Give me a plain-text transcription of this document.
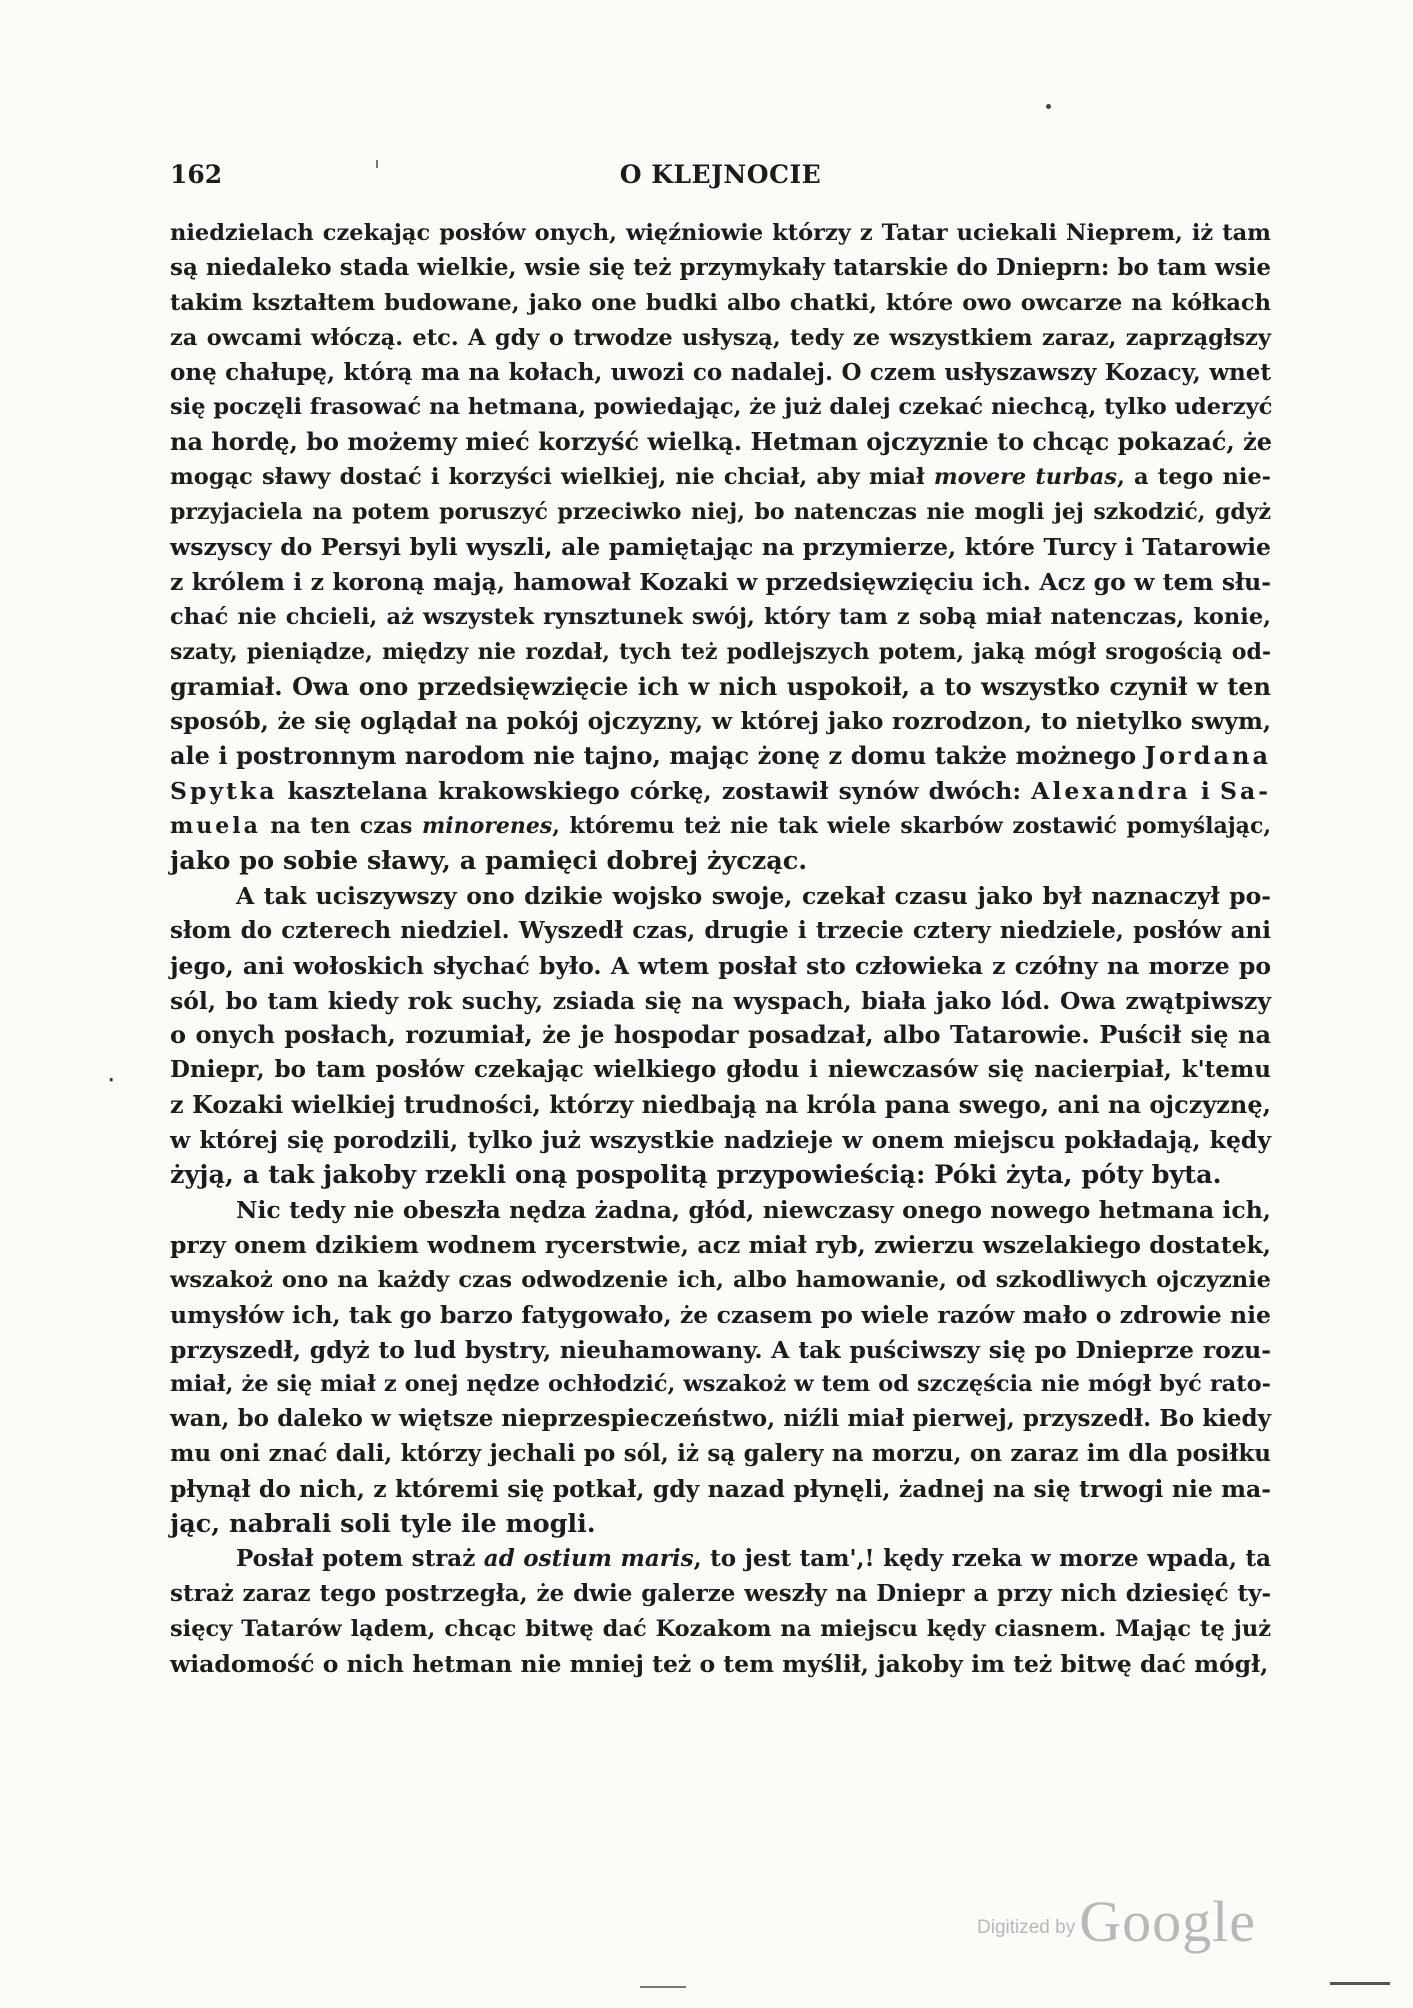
162	O KLEJNOCIE
‧
niedzielach czekając posłów onych, więźniowie którzy z Tatar uciekali Nieprem, iż tam
są niedaleko stada wielkie, wsie się też przymykały tatarskie do Dnieprn: bo tam wsie
takim kształtem budowane, jako one budki albo chatki, które owo owcarze na kółkach
za owcami włóczą. etc. A gdy o trwodze usłyszą, tedy ze wszystkiem zaraz, zaprzągłszy
onę chałupę, którą ma na kołach, uwozi co nadalej. O czem usłyszawszy Kozacy, wnet
się poczęli frasować na hetmana, powiedając, że już dalej czekać niechcą, tylko uderzyć
na hordę, bo możemy mieć korzyść wielką. Hetman ojczyznie to chcąc pokazać, że
mogąc sławy dostać i korzyści wielkiej, nie chciał, aby miał movere turbas, a tego nie-
przyjaciela na potem poruszyć przeciwko niej, bo natenczas nie mogli jej szkodzić, gdyż
wszyscy do Persyi byli wyszli, ale pamiętając na przymierze, które Turcy i Tatarowie
z królem i z koroną mają, hamował Kozaki w przedsięwzięciu ich. Acz go w tem słu-
chać nie chcieli, aż wszystek rynsztunek swój, który tam z sobą miał natenczas, konie,
szaty, pieniądze, między nie rozdał, tych też podlejszych potem, jaką mógł srogością od-
gramiał. Owa ono przedsięwzięcie ich w nich uspokoił, a to wszystko czynił w ten
sposób, że się oglądał na pokój ojczyzny, w której jako rozrodzon, to nietylko swym,
ale i postronnym narodom nie tajno, mając żonę z domu także możnego Jordana
Spytka kasztelana krakowskiego córkę, zostawił synów dwóch: Alexandra i Sa-
muela na ten czas minorenes, któremu też nie tak wiele skarbów zostawić pomyślając,
jako po sobie sławy, a pamięci dobrej życząc.
A tak uciszywszy ono dzikie wojsko swoje, czekał czasu jako był naznaczył po-
słom do czterech niedziel. Wyszedł czas, drugie i trzecie cztery niedziele, posłów ani
jego, ani wołoskich słychać było. A wtem posłał sto człowieka z czółny na morze po
sól, bo tam kiedy rok suchy, zsiada się na wyspach, biała jako lód. Owa zwątpiwszy
o onych posłach, rozumiał, że je hospodar posadzał, albo Tatarowie. Puścił się na
Dniepr, bo tam posłów czekając wielkiego głodu i niewczasów się nacierpiał, k'temu
z Kozaki wielkiej trudności, którzy niedbają na króla pana swego, ani na ojczyznę,
w której się porodzili, tylko już wszystkie nadzieje w onem miejscu pokładają, kędy
żyją, a tak jakoby rzekli oną pospolitą przypowieścią: Póki żyta, póty byta.
Nic tedy nie obeszła nędza żadna, głód, niewczasy onego nowego hetmana ich,
przy onem dzikiem wodnem rycerstwie, acz miał ryb, zwierzu wszelakiego dostatek,
wszakoż ono na każdy czas odwodzenie ich, albo hamowanie, od szkodliwych ojczyznie
umysłów ich, tak go barzo fatygowało, że czasem po wiele razów mało o zdrowie nie
przyszedł, gdyż to lud bystry, nieuhamowany. A tak puściwszy się po Dnieprze rozu-
miał, że się miał z onej nędze ochłodzić, wszakoż w tem od szczęścia nie mógł być rato-
wan, bo daleko w więtsze nieprzespieczeństwo, niźli miał pierwej, przyszedł. Bo kiedy
mu oni znać dali, którzy jechali po sól, iż są galery na morzu, on zaraz im dla posiłku
płynął do nich, z któremi się potkał, gdy nazad płynęli, żadnej na się trwogi nie ma-
jąc, nabrali soli tyle ile mogli.
Posłał potem straż ad ostium maris, to jest tam',! kędy rzeka w morze wpada, ta
straż zaraz tego postrzegła, że dwie galerze weszły na Dniepr a przy nich dziesięć ty-
sięcy Tatarów lądem, chcąc bitwę dać Kozakom na miejscu kędy ciasnem. Mając tę już
wiadomość o nich hetman nie mniej też o tem myślił, jakoby im też bitwę dać mógł,
Digitized byGoogle
